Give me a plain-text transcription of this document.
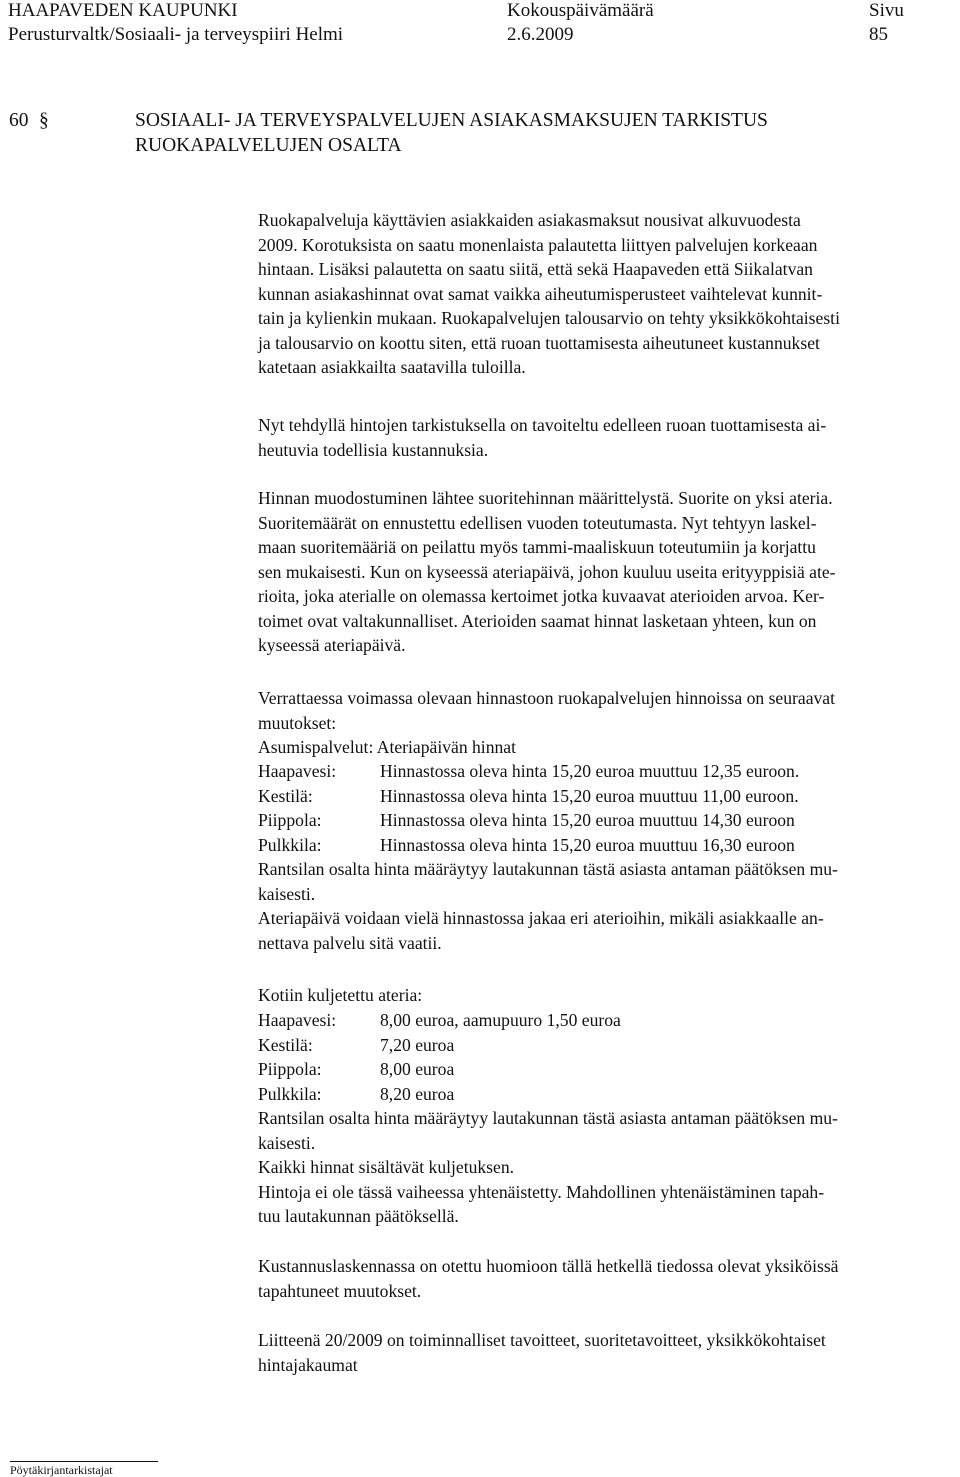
HAAPAVEDEN KAUPUNKI	Kokouspäivämäärä	Sivu
Perusturvaltk/Sosiaali- ja terveyspiiri Helmi	2.6.2009	85
60 §	SOSIAALI- JA TERVEYSPALVELUJEN ASIAKASMAKSUJEN TARKISTUS
RUOKAPALVELUJEN OSALTA

Ruokapalveluja käyttävien asiakkaiden asiakasmaksut nousivat alkuvuodesta
2009. Korotuksista on saatu monenlaista palautetta liittyen palvelujen korkeaan
hintaan. Lisäksi palautetta on saatu siitä, että sekä Haapaveden että Siikalatvan
kunnan asiakashinnat ovat samat vaikka aiheutumisperusteet vaihtelevat kunnit-
tain ja kylienkin mukaan. Ruokapalvelujen talousarvio on tehty yksikkökohtaisesti
ja talousarvio on koottu siten, että ruoan tuottamisesta aiheutuneet kustannukset
katetaan asiakkailta saatavilla tuloilla.

Nyt tehdyllä hintojen tarkistuksella on tavoiteltu edelleen ruoan tuottamisesta ai-
heutuvia todellisia kustannuksia.

Hinnan muodostuminen lähtee suoritehinnan määrittelystä. Suorite on yksi ateria.
Suoritemäärät on ennustettu edellisen vuoden toteutumasta. Nyt tehtyyn laskel-
maan suoritemääriä on peilattu myös tammi-maaliskuun toteutumiin ja korjattu
sen mukaisesti. Kun on kyseessä ateriapäivä, johon kuuluu useita erityyppisiä ate-
rioita, joka aterialle on olemassa kertoimet jotka kuvaavat aterioiden arvoa. Ker-
toimet ovat valtakunnalliset. Aterioiden saamat hinnat lasketaan yhteen, kun on
kyseessä ateriapäivä.

Verrattaessa voimassa olevaan hinnastoon ruokapalvelujen hinnoissa on seuraavat
muutokset:
Asumispalvelut: Ateriapäivän hinnat

Haapavesi: Hinnastossa oleva hinta 15,20 euroa muuttuu 12,35 euroon.
Kestilä:	Hinnastossa oleva hinta 15,20 euroa muuttuu 11,00 euroon.
Piippola:	Hinnastossa oleva hinta 15,20 euroa muuttuu 14,30 euroon
Pulkkila:	Hinnastossa oleva hinta 15,20 euroa muuttuu 16,30 euroon

Rantsilan osalta hinta määräytyy lautakunnan tästä asiasta antaman päätöksen mu-
kaisesti.
Ateriapäivä voidaan vielä hinnastossa jakaa eri aterioihin, mikäli asiakkaalle an-
nettava palvelu sitä vaatii.

Kotiin kuljetettu ateria:

Haapavesi: 8,00 euroa, aamupuuro 1,50 euroa
Kestilä:	7,20 euroa
Piippola:	8,00 euroa
Pulkkila:	8,20 euroa

Rantsilan osalta hinta määräytyy lautakunnan tästä asiasta antaman päätöksen mu-
kaisesti.
Kaikki hinnat sisältävät kuljetuksen.
Hintoja ei ole tässä vaiheessa yhtenäistetty. Mahdollinen yhtenäistäminen tapah-
tuu lautakunnan päätöksellä.

Kustannuslaskennassa on otettu huomioon tällä hetkellä tiedossa olevat yksiköissä
tapahtuneet muutokset.

Liitteenä 20/2009 on toiminnalliset tavoitteet, suoritetavoitteet, yksikkökohtaiset
hintajakaumat

Pöytäkirjantarkistajat
